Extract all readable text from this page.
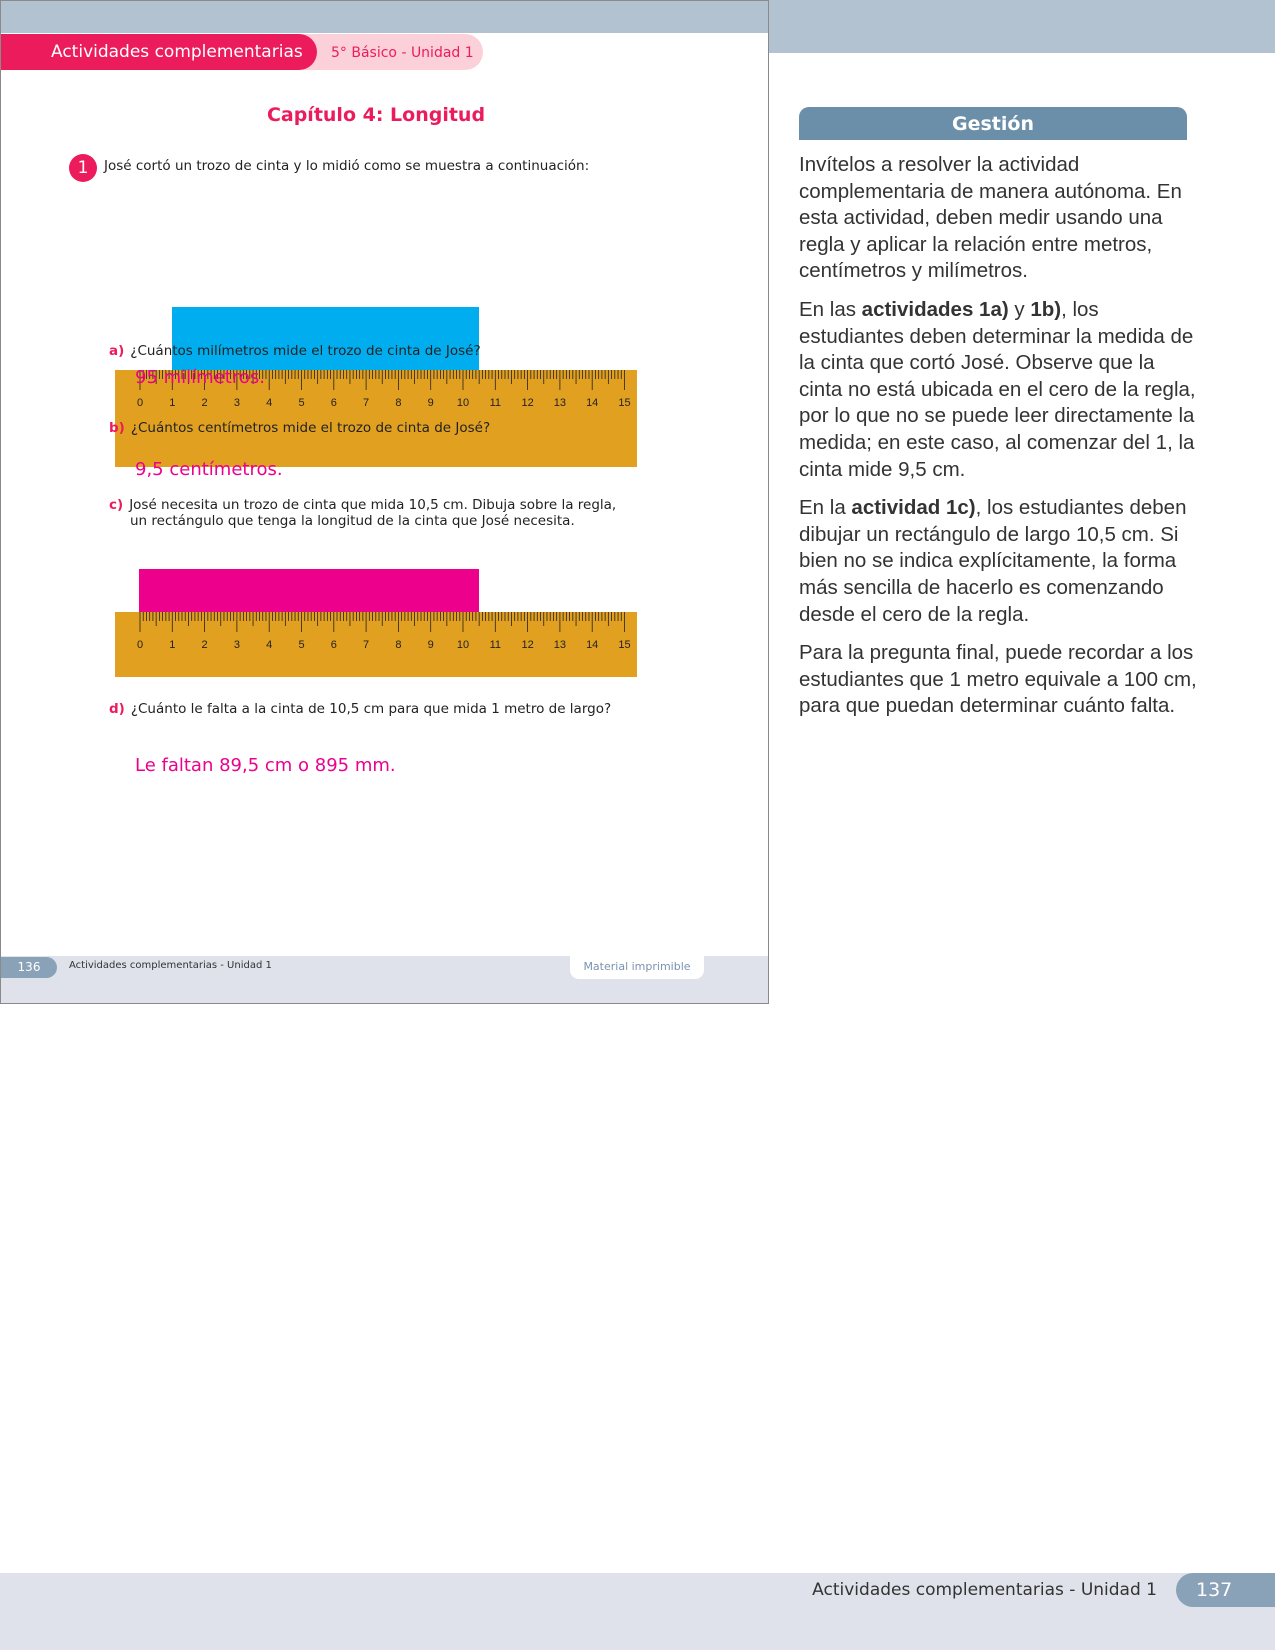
5° Básico - Unidad 1
Actividades complementarias
Capítulo 4: Longitud
1	José cortó un trozo de cinta y lo midió como se muestra a continuación:
0 1 2 3 4 5 6 7 8 9 10 11 12 13 14 15
a) ¿Cuántos milímetros mide el trozo de cinta de José?
95 milímetros.
b) ¿Cuántos centímetros mide el trozo de cinta de José?
9,5 centímetros.
c) José necesita un trozo de cinta que mida 10,5 cm. Dibuja sobre la regla,
un rectángulo que tenga la longitud de la cinta que José necesita.
0 1 2 3 4 5 6 7 8 9 10 11 12 13 14 15
d) ¿Cuánto le falta a la cinta de 10,5 cm para que mida 1 metro de largo?
Le faltan 89,5 cm o 895 mm.
136	Actividades complementarias - Unidad 1	Material imprimible
Gestión

Invítelos a resolver la actividad complementaria de manera autónoma. En esta actividad, deben medir usando una regla y aplicar la relación entre metros, centímetros y milímetros.

En las actividades 1a) y 1b), los estudiantes deben determinar la medida de la cinta que cortó José. Observe que la cinta no está ubicada en el cero de la regla, por lo que no se puede leer directamente la medida; en este caso, al comenzar del 1, la cinta mide 9,5 cm.

En la actividad 1c), los estudiantes deben dibujar un rectángulo de largo 10,5 cm. Si bien no se indica explícitamente, la forma más sencilla de hacerlo es comenzando desde el cero de la regla.

Para la pregunta final, puede recordar a los estudiantes que 1 metro equivale a 100 cm, para que puedan determinar cuánto falta.

Actividades complementarias - Unidad 1	137
